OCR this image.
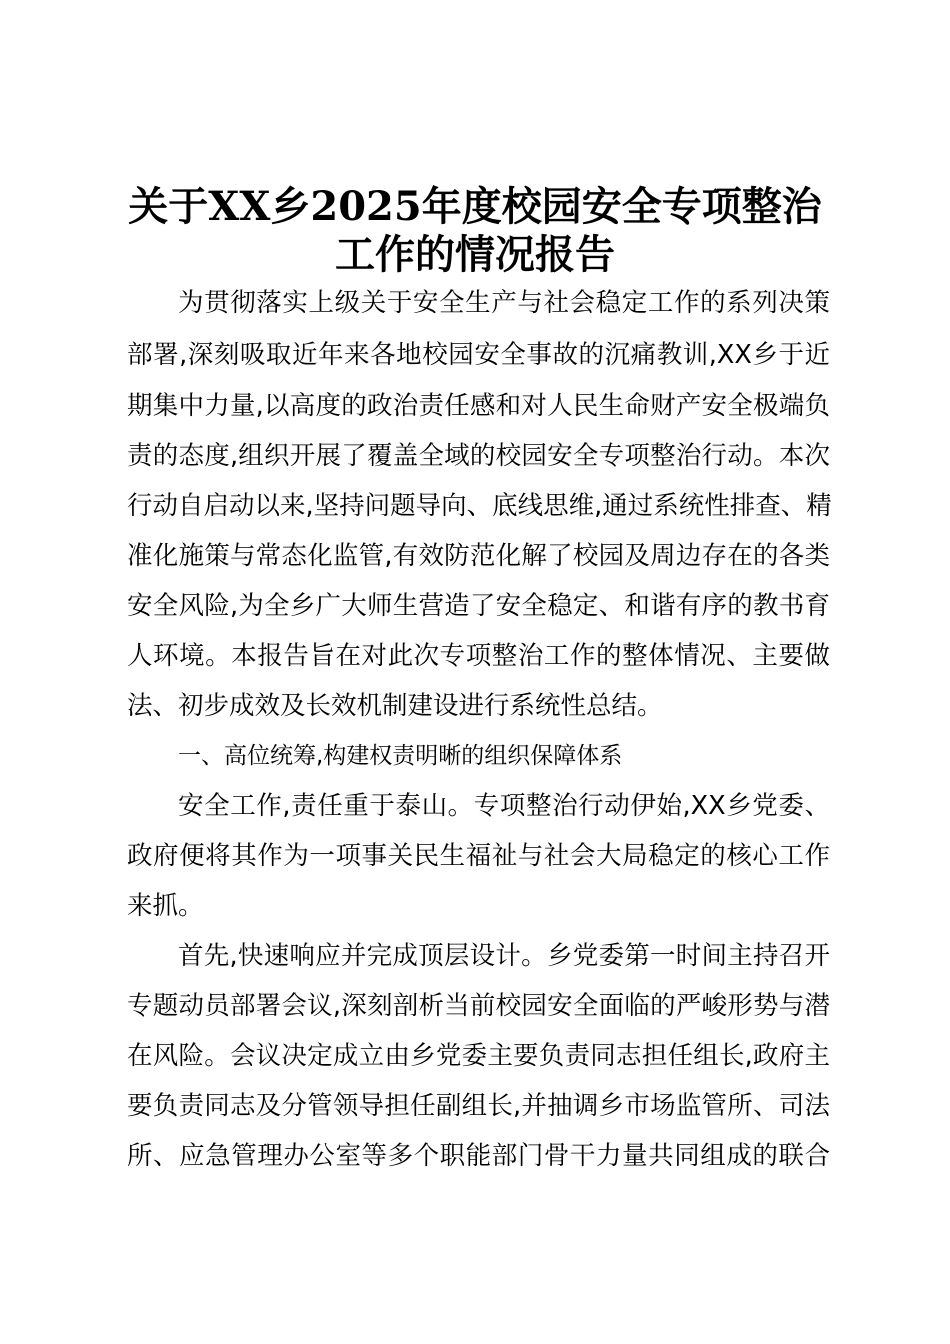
关于XX乡2025年度校园安全专项整治
工作的情况报告

为贯彻落实上级关于安全生产与社会稳定工作的系列决策

部署,深刻吸取近年来各地校园安全事故的沉痛教训,XX乡于近

期集中力量,以高度的政治责任感和对人民生命财产安全极端负

责的态度,组织开展了覆盖全域的校园安全专项整治行动。本次

行动自启动以来,坚持问题导向、底线思维,通过系统性排查、精

准化施策与常态化监管,有效防范化解了校园及周边存在的各类

安全风险,为全乡广大师生营造了安全稳定、和谐有序的教书育

人环境。本报告旨在对此次专项整治工作的整体情况、主要做

法、初步成效及长效机制建设进行系统性总结。

一、高位统筹,构建权责明晰的组织保障体系

安全工作,责任重于泰山。专项整治行动伊始,XX乡党委、

政府便将其作为一项事关民生福祉与社会大局稳定的核心工作

来抓。

首先,快速响应并完成顶层设计。乡党委第一时间主持召开

专题动员部署会议,深刻剖析当前校园安全面临的严峻形势与潜

在风险。会议决定成立由乡党委主要负责同志担任组长,政府主

要负责同志及分管领导担任副组长,并抽调乡市场监管所、司法

所、应急管理办公室等多个职能部门骨干力量共同组成的联合
